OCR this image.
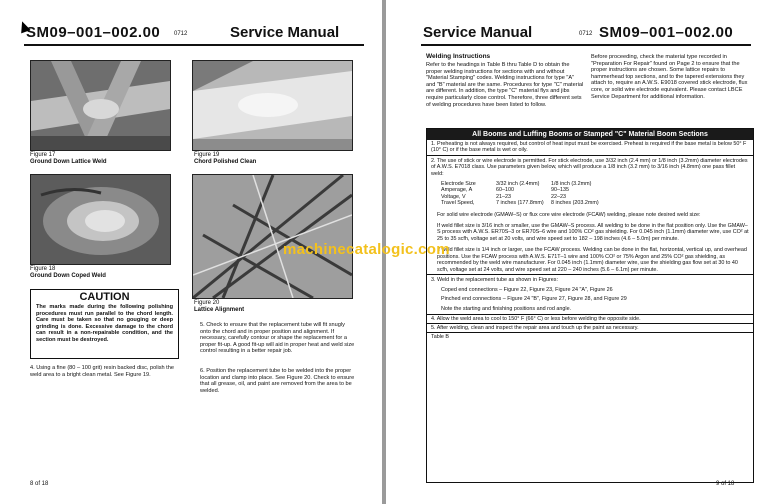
SM09–001–002.00 0712	Service Manual
Figure 17
Ground Down Lattice Weld
Figure 18
Ground Down Coped Weld
Figure 19
Chord Polished Clean
Figure 20
Lattice Alignment
CAUTION
The marks made during the following polishing procedures must run parallel to the chord length. Care must be taken so that no gouging or deep grinding is done. Excessive damage to the chord can result in a non-repairable condition, and the section must be destroyed.
4. Using a fine (80 – 100 grit) resin backed disc, polish the weld area to a bright clean metal. See Figure 19.
5. Check to ensure that the replacement tube will fit snugly onto the chord and in proper position and alignment. If necessary, carefully contour or shape the replacement for a proper fit-up. A good fit-up will aid in proper heat and weld size control resulting in a better repair job.
6. Position the replacement tube to be welded into the proper location and clamp into place. See Figure 20. Check to ensure that all grease, oil, and paint are removed from the area to be welded.
8 of 18
Service Manual	0712 SM09–001–002.00
Welding Instructions
Refer to the headings in Table B thru Table D to obtain the proper welding instructions for sections with and without "Material Stamping" codes. Welding instructions for type "A" and "B" material are the same. Procedures for type "C" material are different. In addition, the type "C" material flys and jibs require particularly close control. Therefore, three different sets of welding procedures have been listed to follow.
Before proceeding, check the material type recorded in "Preparation For Repair" found on Page 2 to ensure that the proper instructions are chosen. Some lattice repairs to hammerhead top sections, and to the tapered extensions they attach to, require an A.W.S. E9018 covered stick electrode, flux core, or solid wire electrode equivalent. Please contact LBCE Service Department for additional information.
All Booms and Luffing Booms or Stamped "C" Material Boom Sections
1. Preheating is not always required, but control of heat input must be exercised. Preheat is required if the base metal is below 50° F (10° C) or if the base metal is wet or oily.
2. The use of stick or wire electrode is permitted. For stick electrode, use 3/32 inch (2.4 mm) or 1/8 inch (3.2mm) diameter electrodes of A.W.S. E7018 class. Use parameters given below, which will produce a 1/8 inch (3.2 mm) to 3/16 inch (4.8mm) one pass fillet weld:
Electrode Size	3/32 inch (2.4mm)	1/8 inch (3.2mm)
Amperage, A	60–100	90–135
Voltage, V	21–23	22–23
Travel Speed,	7 inches (177.8mm)	8 inches (203.2mm)
For solid wire electrode (GMAW–S) or flux core wire electrode (FCAW) welding, please note desired weld size:
If weld fillet size is 3/16 inch or smaller, use the GMAW–S process. All welding to be done in the flat position only. Use the GMAW–S process with A.W.S. ER70S–3 or ER70S–6 wire and 100% CO² gas shielding. For 0.045 inch (1.1mm) diameter wire, use CO² at 25 to 35 scfh, voltage set at 20 volts, and wire speed set to 182 – 198 inches (4.6 – 5.0m) per minute.
If weld fillet size is 1/4 inch or larger, use the FCAW process. Welding can be done in the flat, horizontal, vertical up, and overhead positions. Use the FCAW process with A.W.S. E71T–1 wire and 100% CO² or 75% Argon and 25% CO² gas shielding, as recommended by the weld wire manufacturer. For 0.045 inch (1.1mm) diameter wire, use the shielding gas flow set at 30 to 40 scfh, voltage set at 24 volts, and wire speed set at 220 – 240 inches (5.6 – 6.1m) per minute.
3. Weld in the replacement tube as shown in Figures:
Coped end connections – Figure 22, Figure 23, Figure 24 "A", Figure 26
Pinched end connections – Figure 24 "B", Figure 27, Figure 28, and Figure 29
Note the starting and finishing positions and rod angle.
4. Allow the weld area to cool to 150° F (66° C) or less before welding the opposite side.
5. After welding, clean and inspect the repair area and touch up the paint as necessary.
Table B
9 of 18
machinecatalogic.com
